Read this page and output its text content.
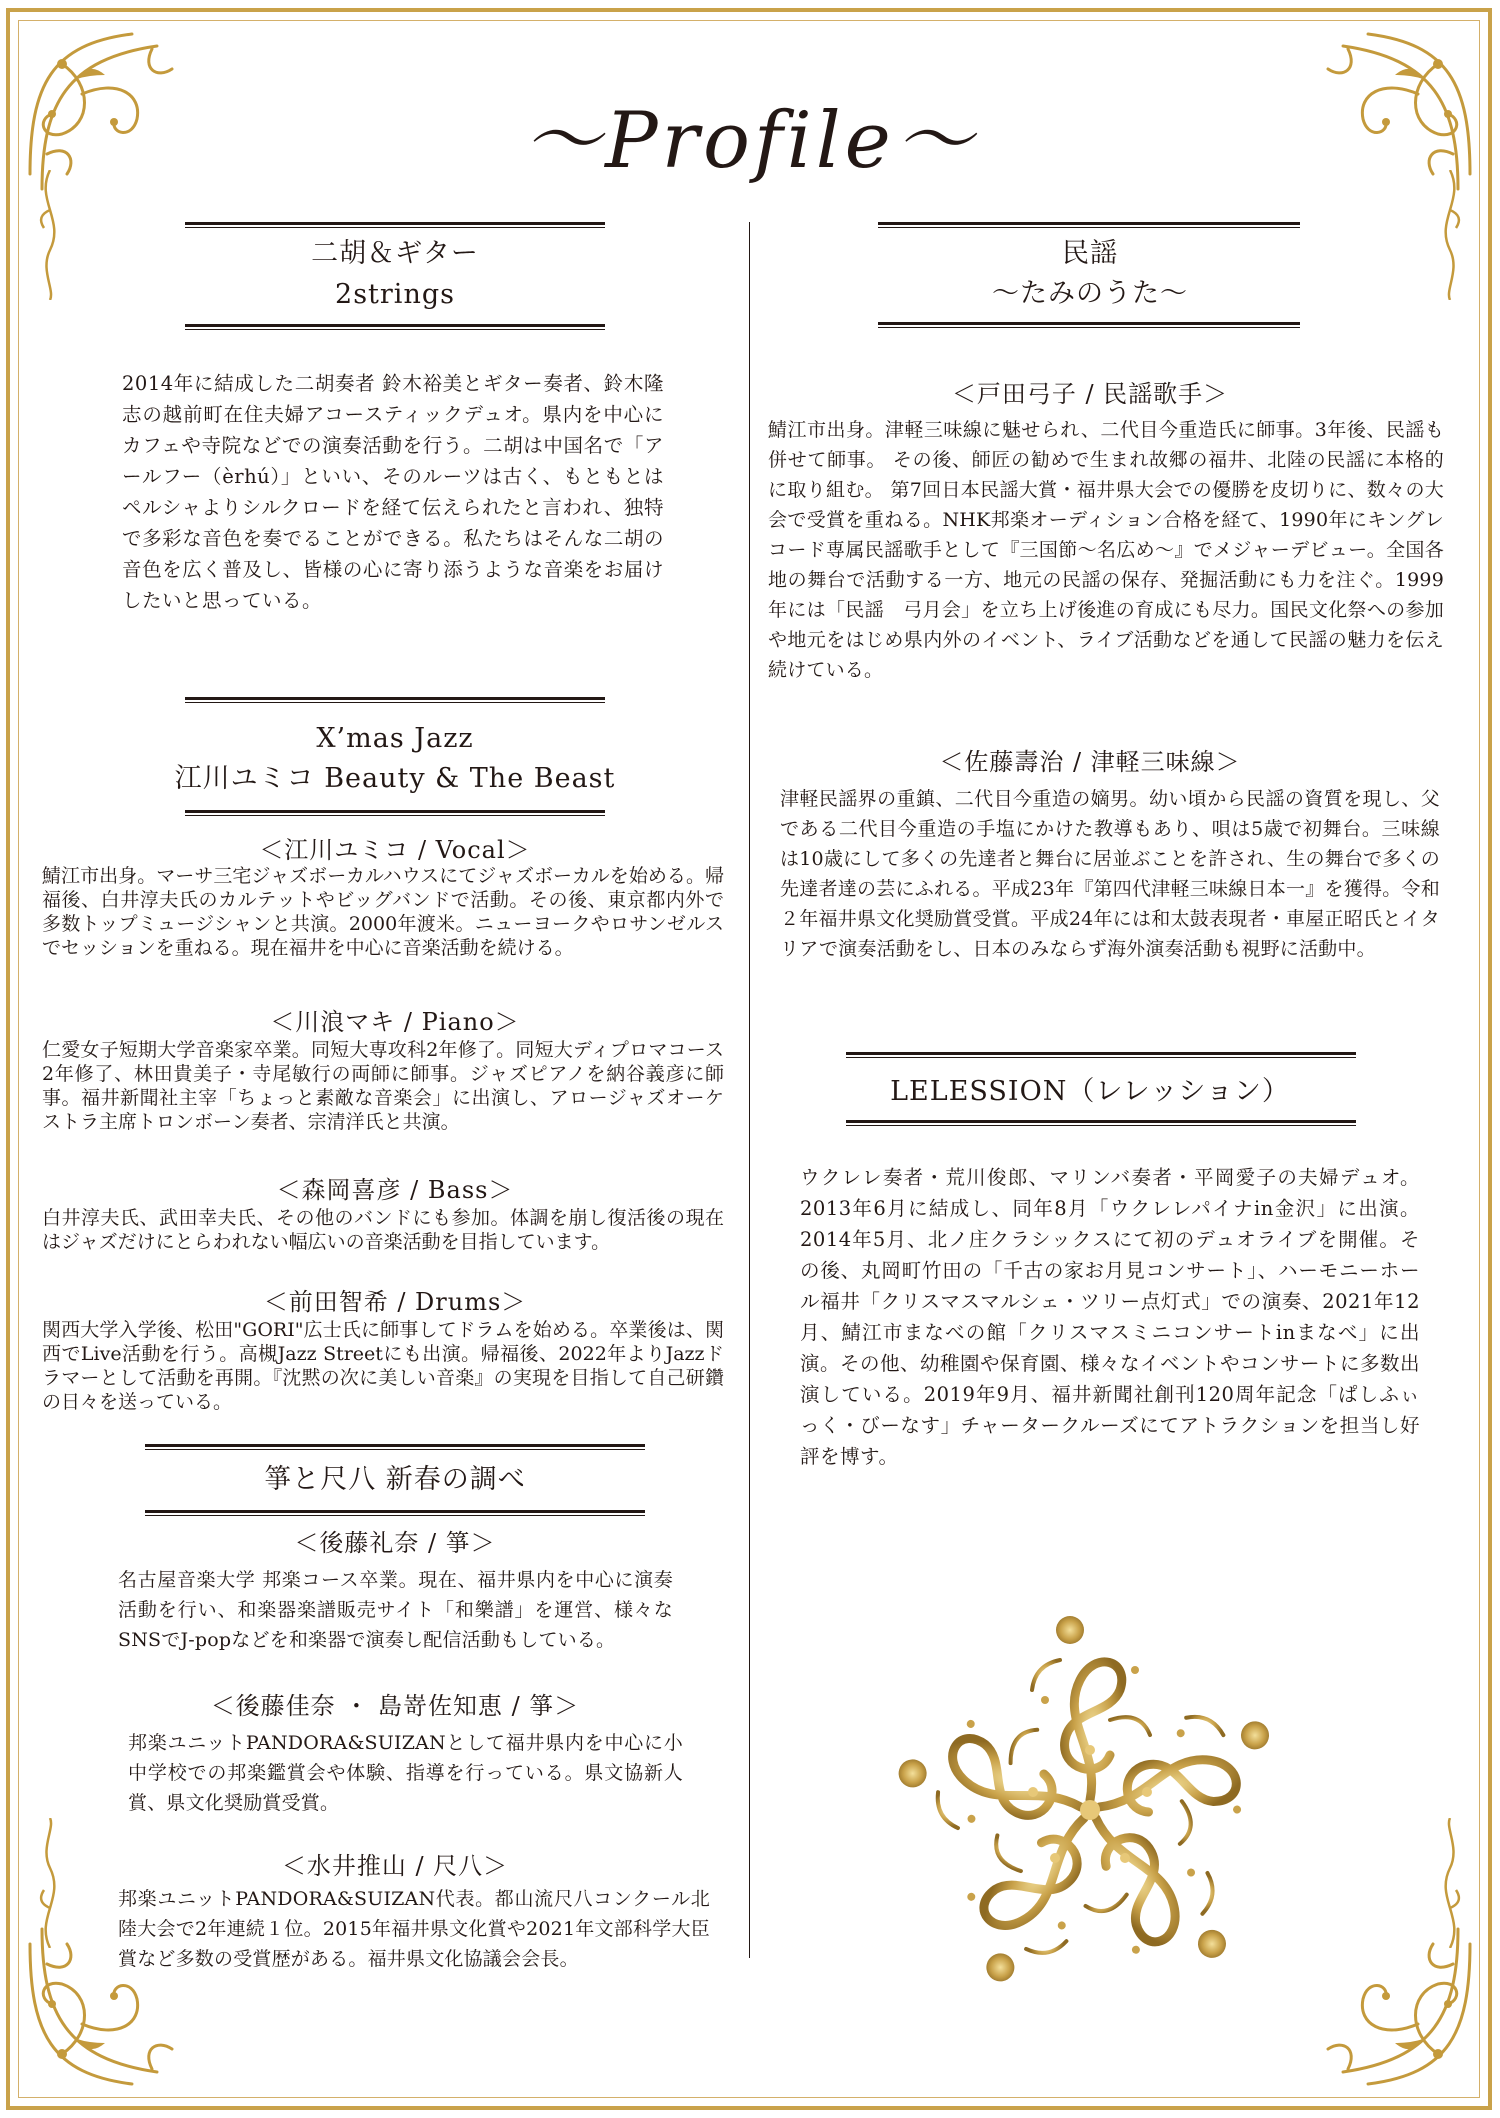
〜Profile〜
二胡＆ギター
2strings
2014年に結成した二胡奏者 鈴木裕美とギター奏者、鈴木隆志の越前町在住夫婦アコースティックデュオ。県内を中心にカフェや寺院などでの演奏活動を行う。二胡は中国名で「アールフー（èrhú）」といい、そのルーツは古く、もともとはペルシャよりシルクロードを経て伝えられたと言われ、独特で多彩な音色を奏でることができる。私たちはそんな二胡の音色を広く普及し、皆様の心に寄り添うような音楽をお届けしたいと思っている。
X’mas Jazz
江川ユミコ Beauty & The Beast
＜江川ユミコ / Vocal＞
鯖江市出身。マーサ三宅ジャズボーカルハウスにてジャズボーカルを始める。帰福後、白井淳夫氏のカルテットやビッグバンドで活動。その後、東京都内外で多数トップミュージシャンと共演。2000年渡米。ニューヨークやロサンゼルスでセッションを重ねる。現在福井を中心に音楽活動を続ける。
＜川浪マキ / Piano＞
仁愛女子短期大学音楽家卒業。同短大専攻科2年修了。同短大ディプロマコース2年修了、林田貴美子・寺尾敏行の両師に師事。ジャズピアノを納谷義彦に師事。福井新聞社主宰「ちょっと素敵な音楽会」に出演し、アロージャズオーケストラ主席トロンボーン奏者、宗清洋氏と共演。
＜森岡喜彦 / Bass＞
白井淳夫氏、武田幸夫氏、その他のバンドにも参加。体調を崩し復活後の現在はジャズだけにとらわれない幅広いの音楽活動を目指しています。
＜前田智希 / Drums＞
関西大学入学後、松田"GORI"広士氏に師事してドラムを始める。卒業後は、関西でLive活動を行う。高槻Jazz Streetにも出演。帰福後、2022年よりJazzドラマーとして活動を再開。『沈黙の次に美しい音楽』の実現を目指して自己研鑽の日々を送っている。
箏と尺八 新春の調べ
＜後藤礼奈 / 箏＞
名古屋音楽大学 邦楽コース卒業。現在、福井県内を中心に演奏活動を行い、和楽器楽譜販売サイト「和樂譜」を運営、様々なSNSでJ-popなどを和楽器で演奏し配信活動もしている。
＜後藤佳奈 ・ 島嵜佐知恵 / 箏＞
邦楽ユニットPANDORA&SUIZANとして福井県内を中心に小中学校での邦楽鑑賞会や体験、指導を行っている。県文協新人賞、県文化奨励賞受賞。
＜水井推山 / 尺八＞
邦楽ユニットPANDORA&SUIZAN代表。都山流尺八コンクール北陸大会で2年連続１位。2015年福井県文化賞や2021年文部科学大臣賞など多数の受賞歴がある。福井県文化協議会会長。
民謡
〜たみのうた〜
＜戸田弓子 / 民謡歌手＞
鯖江市出身。津軽三味線に魅せられ、二代目今重造氏に師事。3年後、民謡も併せて師事。 その後、師匠の勧めで生まれ故郷の福井、北陸の民謡に本格的に取り組む。 第7回日本民謡大賞・福井県大会での優勝を皮切りに、数々の大会で受賞を重ねる。NHK邦楽オーディション合格を経て、1990年にキングレコード専属民謡歌手として『三国節〜名広め〜』でメジャーデビュー。全国各地の舞台で活動する一方、地元の民謡の保存、発掘活動にも力を注ぐ。1999年には「民謡　弓月会」を立ち上げ後進の育成にも尽力。国民文化祭への参加や地元をはじめ県内外のイベント、ライブ活動などを通して民謡の魅力を伝え続けている。
＜佐藤壽治 / 津軽三味線＞
津軽民謡界の重鎮、二代目今重造の嫡男。幼い頃から民謡の資質を現し、父である二代目今重造の手塩にかけた教導もあり、唄は5歳で初舞台。三味線は10歳にして多くの先達者と舞台に居並ぶことを許され、生の舞台で多くの先達者達の芸にふれる。平成23年『第四代津軽三味線日本一』を獲得。令和２年福井県文化奨励賞受賞。平成24年には和太鼓表現者・車屋正昭氏とイタリアで演奏活動をし、日本のみならず海外演奏活動も視野に活動中。
LELESSION（レレッション）
ウクレレ奏者・荒川俊郎、マリンバ奏者・平岡愛子の夫婦デュオ。2013年6月に結成し、同年8月「ウクレレパイナin金沢」に出演。2014年5月、北ノ庄クラシックスにて初のデュオライブを開催。その後、丸岡町竹田の「千古の家お月見コンサート」、ハーモニーホール福井「クリスマスマルシェ・ツリー点灯式」での演奏、2021年12月、鯖江市まなべの館「クリスマスミニコンサートinまなべ」に出演。その他、幼稚園や保育園、様々なイベントやコンサートに多数出演している。2019年9月、福井新聞社創刊120周年記念「ぱしふぃっく・びーなす」チャータークルーズにてアトラクションを担当し好評を博す。
